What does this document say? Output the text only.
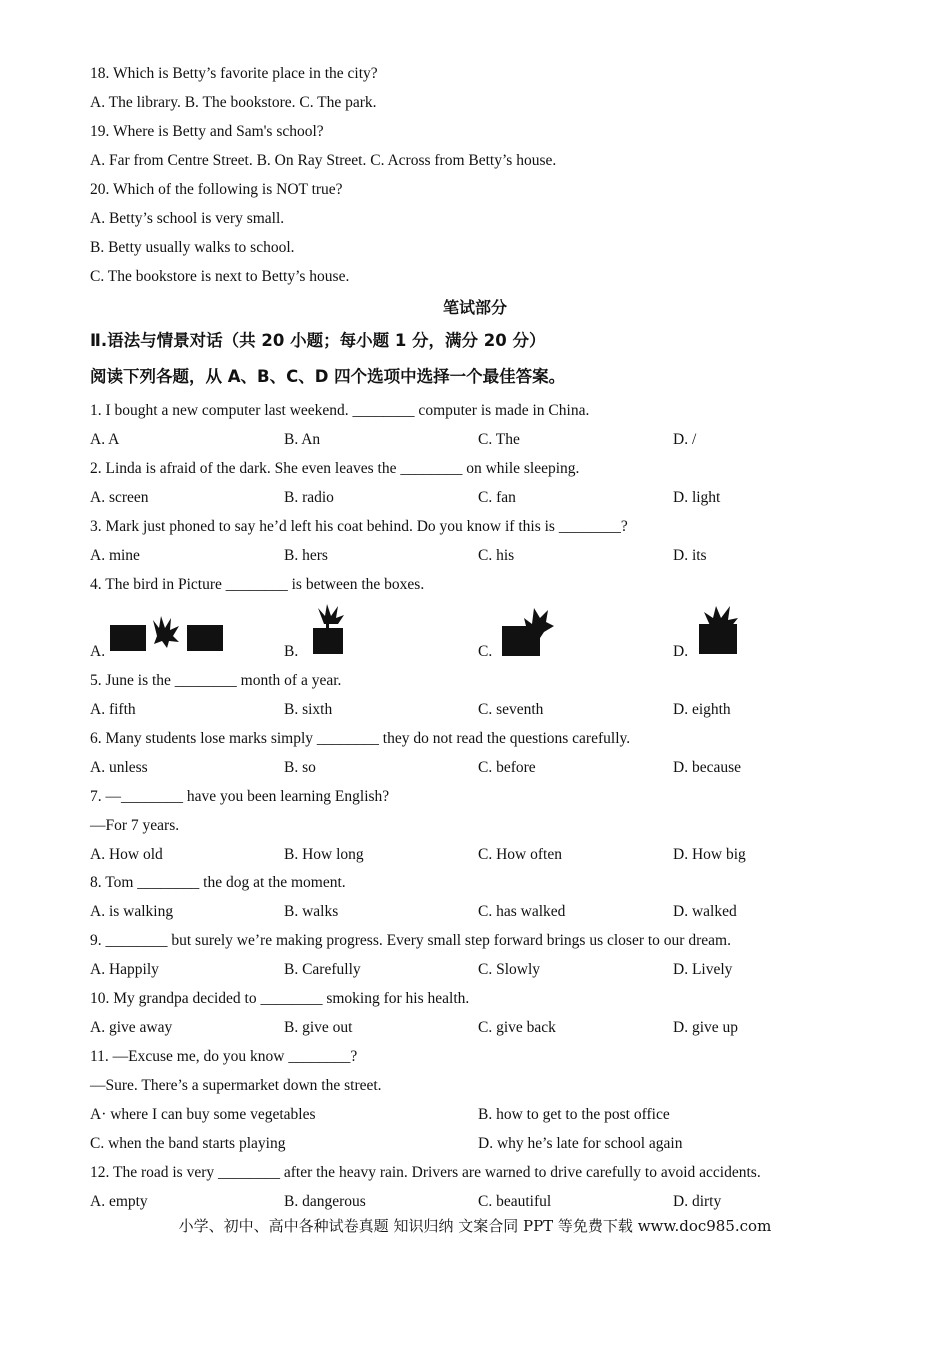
18. Which is Betty’s favorite place in the city?
A. The library. B. The bookstore. C. The park.
19. Where is Betty and Sam's school?
A. Far from Centre Street. B. On Ray Street. C. Across from Betty’s house.
20. Which of the following is NOT true?
A. Betty’s school is very small.
B. Betty usually walks to school.
C. The bookstore is next to Betty’s house.
笔试部分
Ⅱ.语法与情景对话（共 20 小题；每小题 1 分，满分 20 分）
阅读下列各题，从 A、B、C、D 四个选项中选择一个最佳答案。
1. I bought a new computer last weekend. ________ computer is made in China.
A. A	B. An	C. The	D. /
2. Linda is afraid of the dark. She even leaves the ________ on while sleeping.
A. screen	B. radio	C. fan	D. light
3. Mark just phoned to say he’d left his coat behind. Do you know if this is ________?
A. mine	B. hers	C. his	D. its
4. The bird in Picture ________ is between the boxes.
A.	B.	C.	D.
5. June is the ________ month of a year.
A. fifth	B. sixth	C. seventh	D. eighth
6. Many students lose marks simply ________ they do not read the questions carefully.
A. unless	B. so	C. before	D. because
7. —________ have you been learning English?
—For 7 years.
A. How old	B. How long	C. How often	D. How big
8. Tom ________ the dog at the moment.
A. is walking	B. walks	C. has walked	D. walked
9. ________ but surely we’re making progress. Every small step forward brings us closer to our dream.
A. Happily	B. Carefully	C. Slowly	D. Lively
10. My grandpa decided to ________ smoking for his health.
A. give away	B. give out	C. give back	D. give up
11. —Excuse me, do you know ________?
—Sure. There’s a supermarket down the street.
A· where I can buy some vegetables	B. how to get to the post office
C. when the band starts playing	D. why he’s late for school again
12. The road is very ________ after the heavy rain. Drivers are warned to drive carefully to avoid accidents.
A. empty	B. dangerous	C. beautiful	D. dirty
小学、初中、高中各种试卷真题 知识归纳 文案合同 PPT 等免费下载 www.doc985.com
